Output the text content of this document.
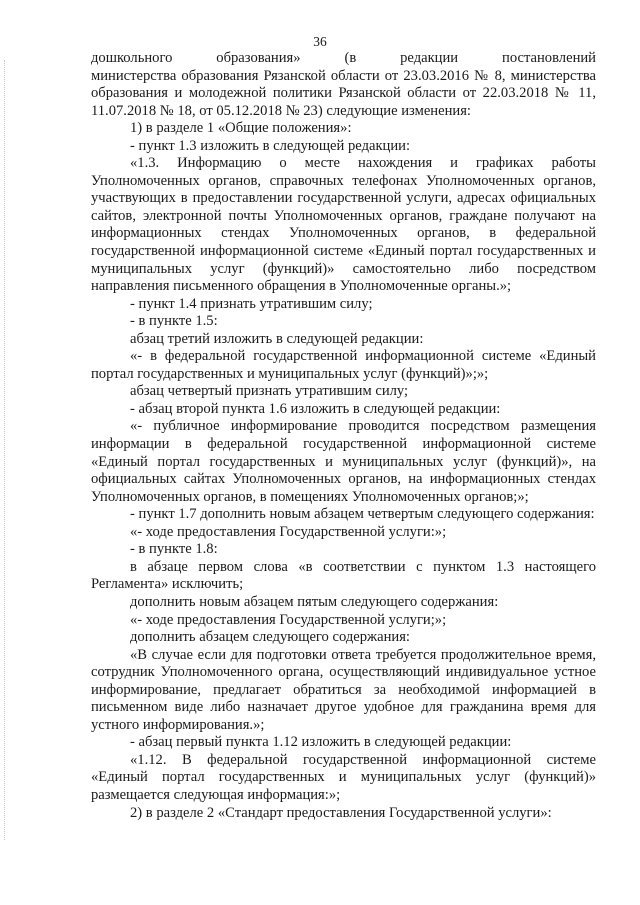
36

дошкольного образования» (в редакции постановлений

министерства образования Рязанской области от 23.03.2016 № 8, министерства образования и молодежной политики Рязанской области от 22.03.2018 № 11, 11.07.2018 № 18, от 05.12.2018 № 23) следующие изменения:

1) в разделе 1 «Общие положения»:

- пункт 1.3 изложить в следующей редакции:

«1.3. Информацию о месте нахождения и графиках работы Уполномоченных органов, справочных телефонах Уполномоченных органов, участвующих в предоставлении государственной услуги, адресах официальных сайтов, электронной почты Уполномоченных органов, граждане получают на информационных стендах Уполномоченных органов, в федеральной государственной информационной системе «Единый портал государственных и муниципальных услуг (функций)» самостоятельно либо посредством направления письменного обращения в Уполномоченные органы.»;

- пункт 1.4 признать утратившим силу;

- в пункте 1.5:

абзац третий изложить в следующей редакции:

«- в федеральной государственной информационной системе «Единый портал государственных и муниципальных услуг (функций)»;»;

абзац четвертый признать утратившим силу;

- абзац второй пункта 1.6 изложить в следующей редакции:

«- публичное информирование проводится посредством размещения информации в федеральной государственной информационной системе «Единый портал государственных и муниципальных услуг (функций)», на официальных сайтах Уполномоченных органов, на информационных стендах Уполномоченных органов, в помещениях Уполномоченных органов;»;

- пункт 1.7 дополнить новым абзацем четвертым следующего содержания:

«- ходе предоставления Государственной услуги:»;

- в пункте 1.8:

в абзаце первом слова «в соответствии с пунктом 1.3 настоящего Регламента» исключить;

дополнить новым абзацем пятым следующего содержания:

«- ходе предоставления Государственной услуги;»;

дополнить абзацем следующего содержания:

«В случае если для подготовки ответа требуется продолжительное время, сотрудник Уполномоченного органа, осуществляющий индивидуальное устное информирование, предлагает обратиться за необходимой информацией в письменном виде либо назначает другое удобное для гражданина время для устного информирования.»;

- абзац первый пункта 1.12 изложить в следующей редакции:

«1.12. В федеральной государственной информационной системе «Единый портал государственных и муниципальных услуг (функций)» размещается следующая информация:»;

2) в разделе 2 «Стандарт предоставления Государственной услуги»:
